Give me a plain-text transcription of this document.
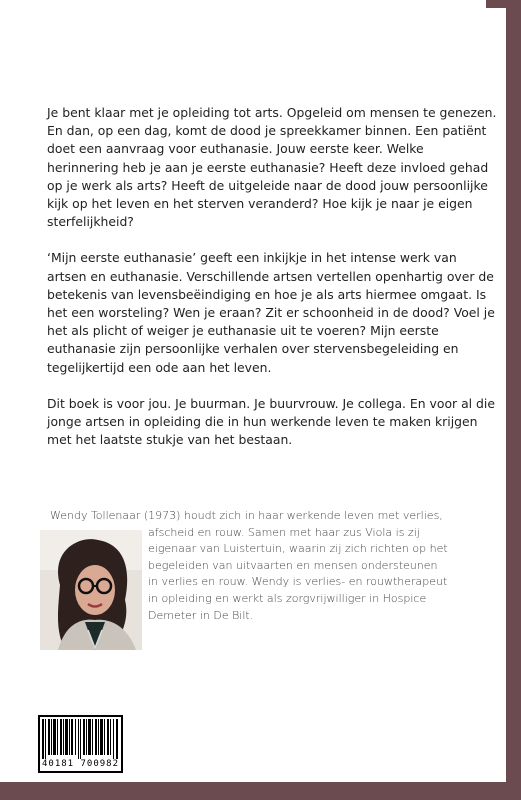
Je bent klaar met je opleiding tot arts. Opgeleid om mensen te genezen. En dan, op een dag, komt de dood je spreekkamer binnen. Een patiënt doet een aanvraag voor euthanasie. Jouw eerste keer. Welke herinnering heb je aan je eerste euthanasie? Heeft deze invloed gehad op je werk als arts? Heeft de uitgeleide naar de dood jouw persoonlijke kijk op het leven en het sterven veranderd? Hoe kijk je naar je eigen sterfelijkheid?

‘Mijn eerste euthanasie’ geeft een inkijkje in het intense werk van artsen en euthanasie. Verschillende artsen vertellen openhartig over de betekenis van levensbeëindiging en hoe je als arts hiermee omgaat. Is het een worsteling? Wen je eraan? Zit er schoonheid in de dood? Voel je het als plicht of weiger je euthanasie uit te voeren? Mijn eerste euthanasie zijn persoonlijke verhalen over stervensbegeleiding en tegelijkertijd een ode aan het leven.

Dit boek is voor jou. Je buurman. Je buurvrouw. Je collega. En voor al die jonge artsen in opleiding die in hun werkende leven te maken krijgen met het laatste stukje van het bestaan.

Wendy Tollenaar (1973) houdt zich in haar werkende leven met verlies,
afscheid en rouw. Samen met haar zus Viola is zij
eigenaar van Luistertuin, waarin zij zich richten op het
begeleiden van uitvaarten en mensen ondersteunen
in verlies en rouw. Wendy is verlies- en rouwtherapeut
in opleiding en werkt als zorgvrijwilliger in Hospice
Demeter in De Bilt.
40181 700982
